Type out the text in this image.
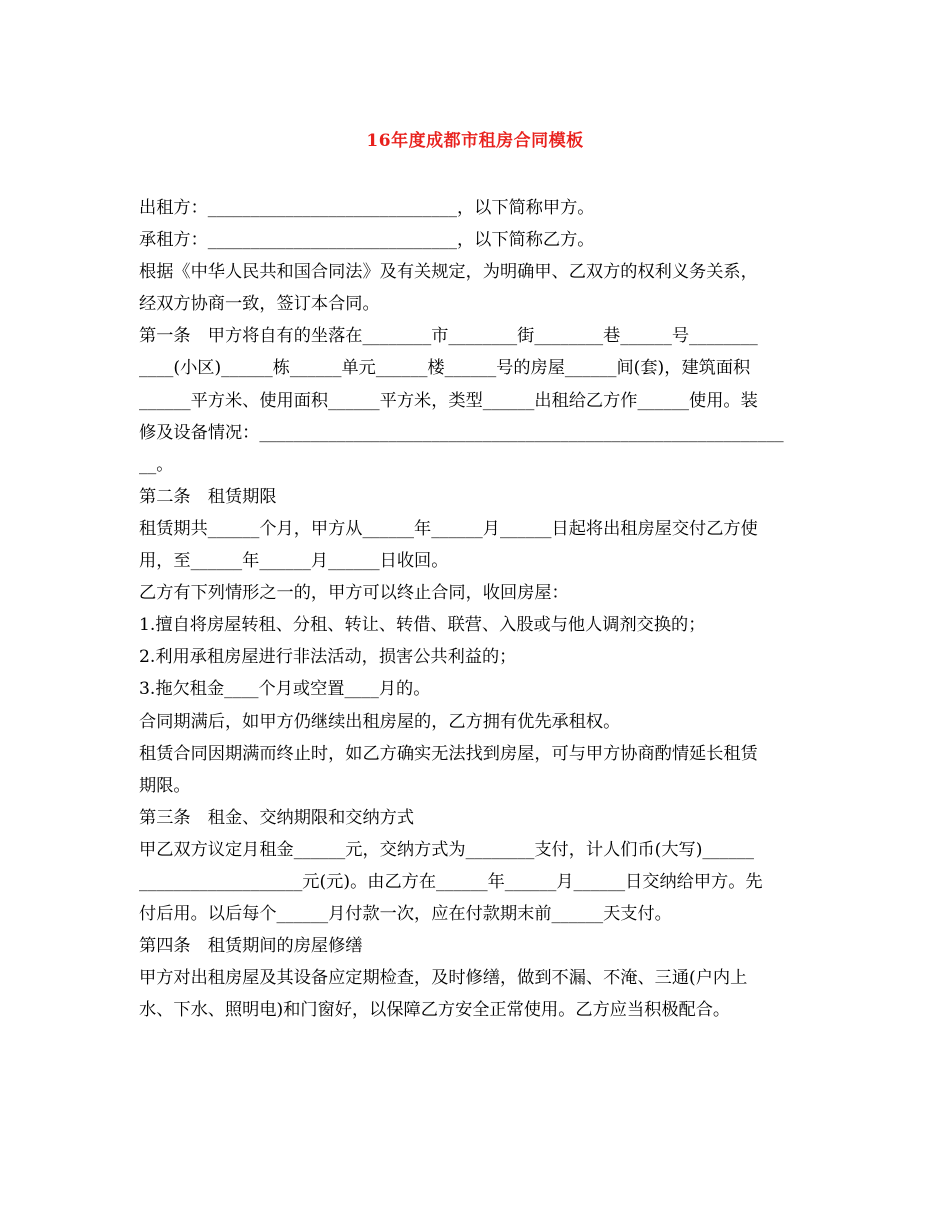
16年度成都市租房合同模板
出租方：_____________________________，以下简称甲方。
承租方：_____________________________，以下简称乙方。
根据《中华人民共和国合同法》及有关规定，为明确甲、乙双方的权利义务关系，
经双方协商一致，签订本合同。
第一条　甲方将自有的坐落在________市________街________巷______号________
____(小区)______栋______单元______楼______号的房屋______间(套)，建筑面积
______平方米、使用面积______平方米，类型______出租给乙方作______使用。装
修及设备情况：_____________________________________________________________
__。
第二条　租赁期限
租赁期共______个月，甲方从______年______月______日起将出租房屋交付乙方使
用，至______年______月______日收回。
乙方有下列情形之一的，甲方可以终止合同，收回房屋：
1.擅自将房屋转租、分租、转让、转借、联营、入股或与他人调剂交换的；
2.利用承租房屋进行非法活动，损害公共利益的；
3.拖欠租金____个月或空置____月的。
合同期满后，如甲方仍继续出租房屋的，乙方拥有优先承租权。
租赁合同因期满而终止时，如乙方确实无法找到房屋，可与甲方协商酌情延长租赁
期限。
第三条　租金、交纳期限和交纳方式
甲乙双方议定月租金______元，交纳方式为________支付，计人们币(大写)______
___________________元(元)。由乙方在______年______月______日交纳给甲方。先
付后用。以后每个______月付款一次，应在付款期末前______天支付。
第四条　租赁期间的房屋修缮
甲方对出租房屋及其设备应定期检查，及时修缮，做到不漏、不淹、三通(户内上
水、下水、照明电)和门窗好，以保障乙方安全正常使用。乙方应当积极配合。
